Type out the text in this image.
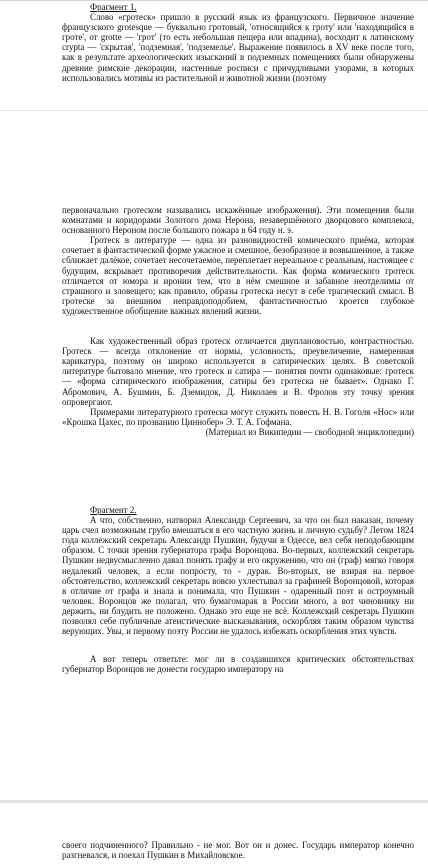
Фрагмент 1.

Слово «гротеск» пришло в русский язык из французского. Первичное значение французского grotesque — буквально гротовый, 'относящийся к гроту' или 'находящийся в гроте', от grotte — 'грот' (то есть небольшая пещера или впадина), восходит к латинскому crypta — 'скрытая', 'подземная', 'подземелье'. Выражение появилось в XV веке после того, как в результате археологических изысканий в подземных помещениях были обнаружены древние римские декорации, настенные росписи с причудливыми узорами, в которых использовались мотивы из растительной и животной жизни (поэтому

первоначально гротеском назывались искажённые изображения). Эти помещения были комнатами и коридорами Золотого дома Нерона, незавершённого дворцового комплекса, основанного Нероном после большого пожара в 64 году н. э.

Гротеск в литературе — одна из разновидностей комического приёма, которая сочетает в фантастической форме ужасное и смешное, безобразное и возвышенное, а также сближает далёкое, сочетает несочетаемое, переплетает нереальное с реальным, настоящее с будущим, вскрывает противоречия действительности. Как форма комического гротеск отличается от юмора и иронии тем, что в нём смешное и забавное неотделимы от страшного и зловещего; как правило, образы гротеска несут в себе трагический смысл. В гротеске за внешним неправдоподобием, фантастичностью кроется глубокое художественное обобщение важных явлений жизни.

Как художественный образ гротеск отличается двуплановостью, контрастностью. Гротеск — всегда отклонение от нормы, условность, преувеличение, намеренная карикатура, поэтому он широко используется в сатирических целях. В советской литературе бытовало мнение, что гротеск и сатира — понятия почти одинаковые: гротеск — «форма сатирического изображения, сатиры без гротеска не бывает». Однако Г. Абромович, А. Бушмин, Б. Дземидок, Д. Николаев и В. Фролов эту точку зрения опровергают.

Примерами литературного гротеска могут служить повесть Н. В. Гоголя «Нос» или «Крошка Цахес, по прозванию Циннобер» Э. Т. А. Гофмана.

(Материал из Википедии — свободной энциклопедии)

Фрагмент 2.

А что, собственно, натворил Александр Сергеевич, за что он был наказан, почему царь счел возможным грубо вмешаться в его частную жизнь и личную судьбу? Летом 1824 года коллежский секретарь Александр Пушкин, будучи в Одессе, вел себя неподобающим образом. С точки зрения губернатора графа Воронцова. Во-первых, коллежский секретарь Пушкин недвусмысленно давал понять графу и его окружению, что он (граф) мягко говоря недалекий человек, а если попросту, то - дурак. Во-вторых, не взирая на первое обстоятельство, коллежский секретарь вовсю ухлестывал за графиней Воронцовой, которая в отличие от графа и знала и понимала, что Пушкин - одаренный поэт и остроумный человек. Воронцов же полагал, что бумагомарак в России много, а вот чиновнику ни держить, ни блудить не положено. Однако это еще не всё. Коллежский секретарь Пушкин позволял себе публичные атеистические высказывания, оскорбляя таким образом чувства верующих. Увы, и первому поэту России не удалось избежать оскорбления этих чувств.

А вот теперь ответьте: мог ли в создавшихся критических обстоятельствах губернатор Воронцов не донести государю императору на

своего подчиненного? Правильно - не мог. Вот он и донес. Государь император конечно разгневался, и поехал Пушкин в Михайловское.
